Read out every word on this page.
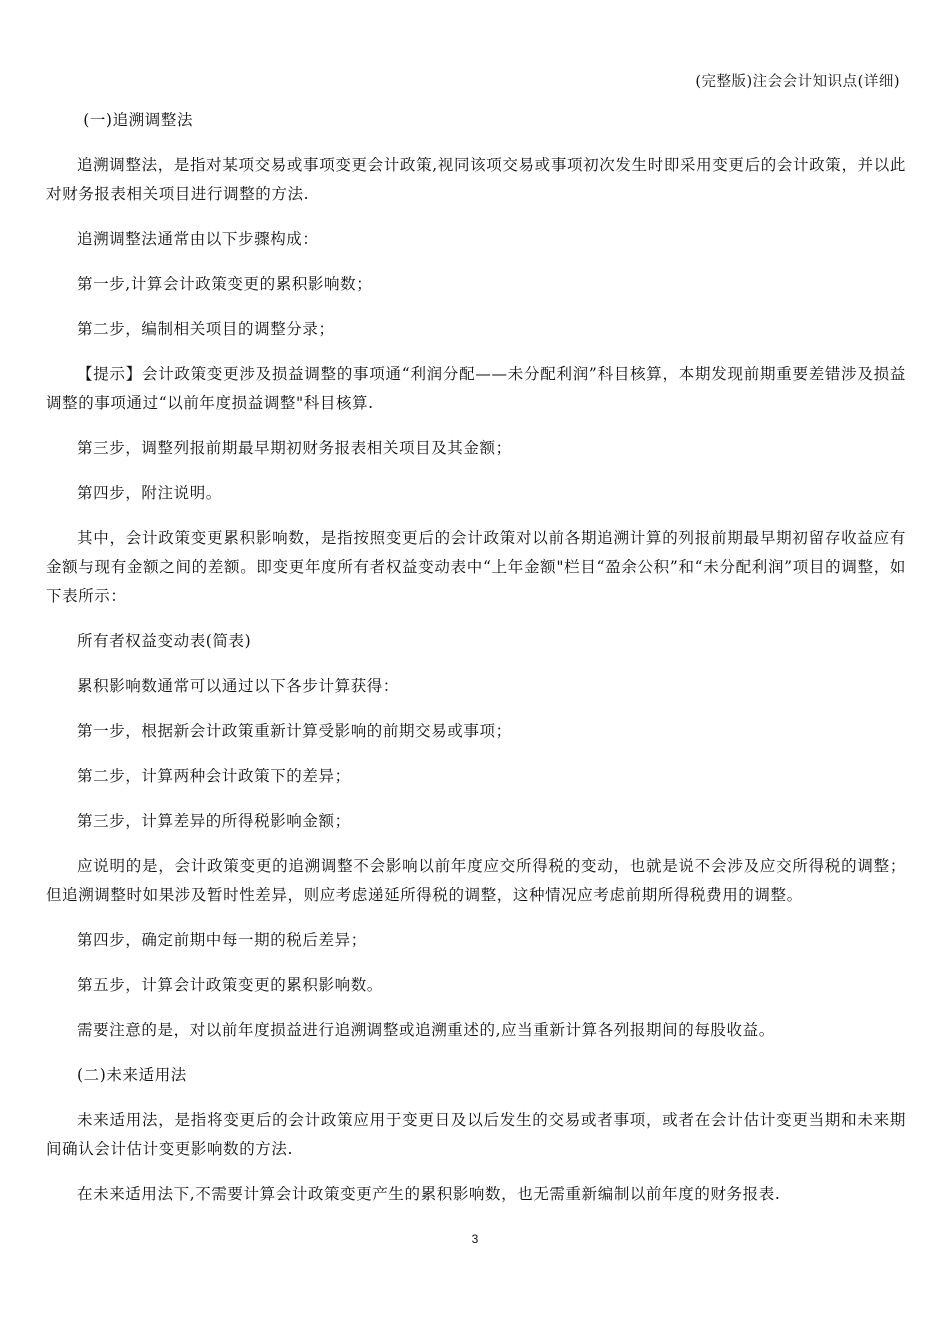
(完整版)注会会计知识点(详细)

(一)追溯调整法

追溯调整法，是指对某项交易或事项变更会计政策,视同该项交易或事项初次发生时即采用变更后的会计政策，并以此对财务报表相关项目进行调整的方法.

追溯调整法通常由以下步骤构成：

第一步,计算会计政策变更的累积影响数；

第二步，编制相关项目的调整分录；

【提示】会计政策变更涉及损益调整的事项通“利润分配——未分配利润”科目核算，本期发现前期重要差错涉及损益调整的事项通过“以前年度损益调整"科目核算.

第三步，调整列报前期最早期初财务报表相关项目及其金额；

第四步，附注说明。

其中，会计政策变更累积影响数，是指按照变更后的会计政策对以前各期追溯计算的列报前期最早期初留存收益应有金额与现有金额之间的差额。即变更年度所有者权益变动表中“上年金额"栏目“盈余公积”和“未分配利润”项目的调整，如下表所示：

所有者权益变动表(简表)

累积影响数通常可以通过以下各步计算获得：

第一步，根据新会计政策重新计算受影响的前期交易或事项；

第二步，计算两种会计政策下的差异；

第三步，计算差异的所得税影响金额；

应说明的是，会计政策变更的追溯调整不会影响以前年度应交所得税的变动，也就是说不会涉及应交所得税的调整；但追溯调整时如果涉及暂时性差异，则应考虑递延所得税的调整，这种情况应考虑前期所得税费用的调整。

第四步，确定前期中每一期的税后差异；

第五步，计算会计政策变更的累积影响数。

需要注意的是，对以前年度损益进行追溯调整或追溯重述的,应当重新计算各列报期间的每股收益。

(二)未来适用法

未来适用法，是指将变更后的会计政策应用于变更日及以后发生的交易或者事项，或者在会计估计变更当期和未来期间确认会计估计变更影响数的方法.

在未来适用法下,不需要计算会计政策变更产生的累积影响数，也无需重新编制以前年度的财务报表.

3
